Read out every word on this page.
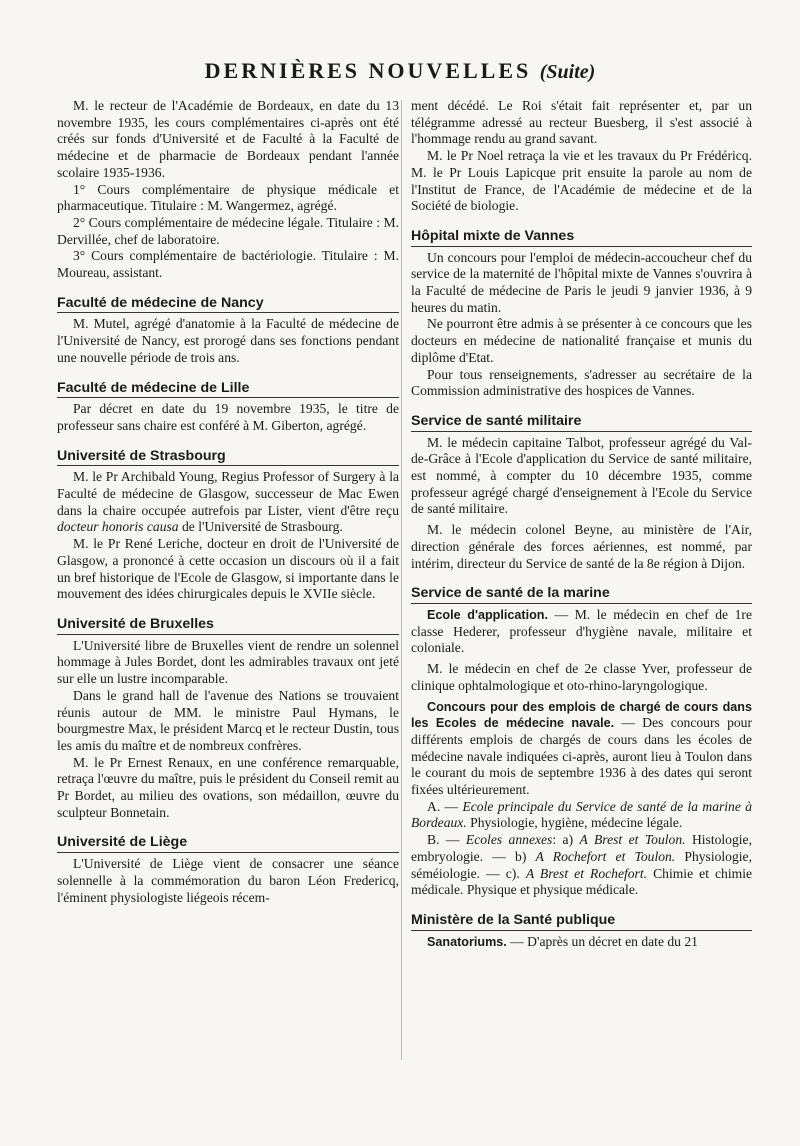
DERNIÈRES NOUVELLES (Suite)

M. le recteur de l'Académie de Bordeaux, en date du 13 novembre 1935, les cours complémentaires ci-après ont été créés sur fonds d'Université et de Faculté à la Faculté de médecine et de pharmacie de Bordeaux pendant l'année scolaire 1935-1936.

1° Cours complémentaire de physique médicale et pharmaceutique. Titulaire : M. Wangermez, agrégé.

2° Cours complémentaire de médecine légale. Titulaire : M. Dervillée, chef de laboratoire.

3° Cours complémentaire de bactériologie. Titulaire : M. Moureau, assistant.

Faculté de médecine de Nancy

M. Mutel, agrégé d'anatomie à la Faculté de médecine de l'Université de Nancy, est prorogé dans ses fonctions pendant une nouvelle période de trois ans.

Faculté de médecine de Lille

Par décret en date du 19 novembre 1935, le titre de professeur sans chaire est conféré à M. Giberton, agrégé.

Université de Strasbourg

M. le Pr Archibald Young, Regius Professor of Surgery à la Faculté de médecine de Glasgow, successeur de Mac Ewen dans la chaire occupée autrefois par Lister, vient d'être reçu docteur honoris causa de l'Université de Strasbourg.

M. le Pr René Leriche, docteur en droit de l'Université de Glasgow, a prononcé à cette occasion un discours où il a fait un bref historique de l'Ecole de Glasgow, si importante dans le mouvement des idées chirurgicales depuis le XVIIe siècle.

Université de Bruxelles

L'Université libre de Bruxelles vient de rendre un solennel hommage à Jules Bordet, dont les admirables travaux ont jeté sur elle un lustre incomparable.

Dans le grand hall de l'avenue des Nations se trouvaient réunis autour de MM. le ministre Paul Hymans, le bourgmestre Max, le président Marcq et le recteur Dustin, tous les amis du maître et de nombreux confrères.

M. le Pr Ernest Renaux, en une conférence remarquable, retraça l'œuvre du maître, puis le président du Conseil remit au Pr Bordet, au milieu des ovations, son médaillon, œuvre du sculpteur Bonnetain.

Université de Liège

L'Université de Liège vient de consacrer une séance solennelle à la commémoration du baron Léon Fredericq, l'éminent physiologiste liégeois récem-

ment décédé. Le Roi s'était fait représenter et, par un télégramme adressé au recteur Buesberg, il s'est associé à l'hommage rendu au grand savant.

M. le Pr Noel retraça la vie et les travaux du Pr Frédéricq. M. le Pr Louis Lapicque prit ensuite la parole au nom de l'Institut de France, de l'Académie de médecine et de la Société de biologie.

Hôpital mixte de Vannes

Un concours pour l'emploi de médecin-accoucheur chef du service de la maternité de l'hôpital mixte de Vannes s'ouvrira à la Faculté de médecine de Paris le jeudi 9 janvier 1936, à 9 heures du matin.

Ne pourront être admis à se présenter à ce concours que les docteurs en médecine de nationalité française et munis du diplôme d'Etat.

Pour tous renseignements, s'adresser au secrétaire de la Commission administrative des hospices de Vannes.

Service de santé militaire

M. le médecin capitaine Talbot, professeur agrégé du Val-de-Grâce à l'Ecole d'application du Service de santé militaire, est nommé, à compter du 10 décembre 1935, comme professeur agrégé chargé d'enseignement à l'Ecole du Service de santé militaire.

M. le médecin colonel Beyne, au ministère de l'Air, direction générale des forces aériennes, est nommé, par intérim, directeur du Service de santé de la 8e région à Dijon.

Service de santé de la marine

Ecole d'application. — M. le médecin en chef de 1re classe Hederer, professeur d'hygiène navale, militaire et coloniale.

M. le médecin en chef de 2e classe Yver, professeur de clinique ophtalmologique et oto-rhino-laryngologique.

Concours pour des emplois de chargé de cours dans les Ecoles de médecine navale. — Des concours pour différents emplois de chargés de cours dans les écoles de médecine navale indiquées ci-après, auront lieu à Toulon dans le courant du mois de septembre 1936 à des dates qui seront fixées ultérieurement.

A. — Ecole principale du Service de santé de la marine à Bordeaux. Physiologie, hygiène, médecine légale.

B. — Ecoles annexes: a) A Brest et Toulon. Histologie, embryologie. — b) A Rochefort et Toulon. Physiologie, séméiologie. — c). A Brest et Rochefort. Chimie et chimie médicale. Physique et physique médicale.

Ministère de la Santé publique

Sanatoriums. — D'après un décret en date du 21
